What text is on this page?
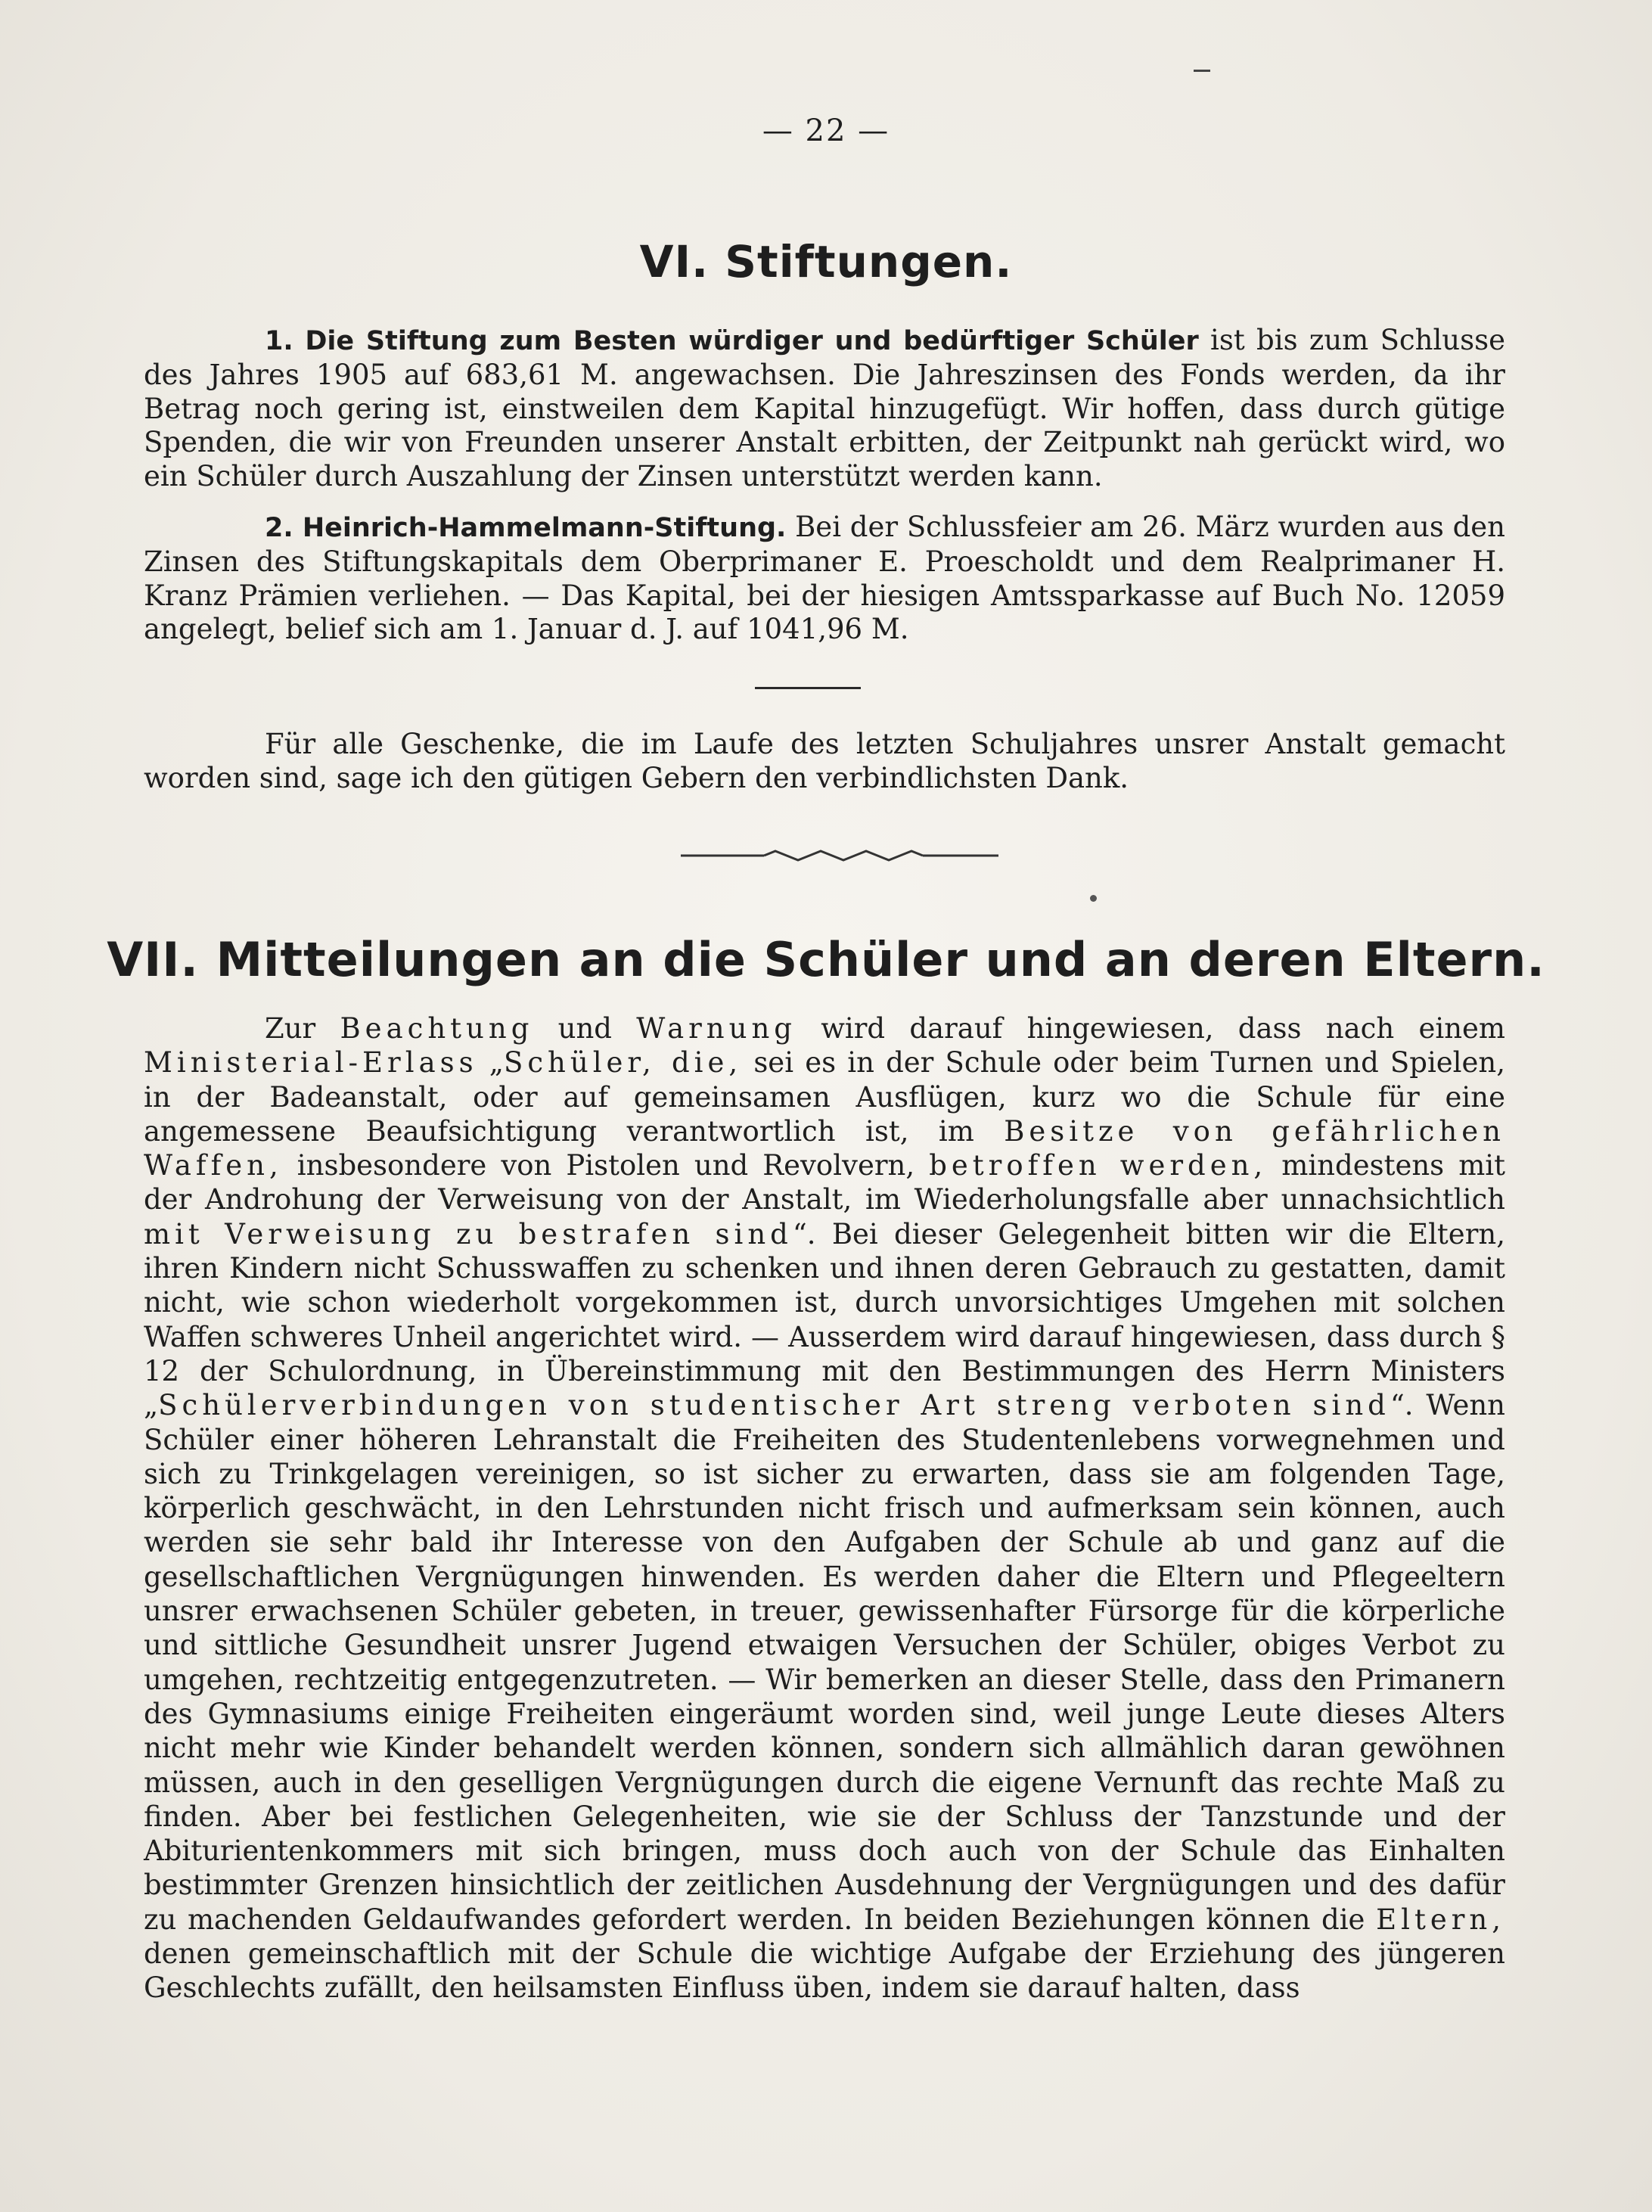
— 22 —
VI. Stiftungen.
1. Die Stiftung zum Besten würdiger und bedürftiger Schüler ist bis zum Schlusse des Jahres 1905 auf 683,61 M. angewachsen. Die Jahreszinsen des Fonds werden, da ihr Betrag noch gering ist, einstweilen dem Kapital hinzugefügt. Wir hoffen, dass durch gütige Spenden, die wir von Freunden unserer Anstalt erbitten, der Zeitpunkt nah gerückt wird, wo ein Schüler durch Auszahlung der Zinsen unterstützt werden kann.
2. Heinrich-Hammelmann-Stiftung. Bei der Schlussfeier am 26. März wurden aus den Zinsen des Stiftungskapitals dem Oberprimaner E. Proescholdt und dem Realprimaner H. Kranz Prämien verliehen. — Das Kapital, bei der hiesigen Amtssparkasse auf Buch No. 12059 angelegt, belief sich am 1. Januar d. J. auf 1041,96 M.
Für alle Geschenke, die im Laufe des letzten Schuljahres unsrer Anstalt gemacht worden sind, sage ich den gütigen Gebern den verbindlichsten Dank.
VII. Mitteilungen an die Schüler und an deren Eltern.
Zur Beachtung und Warnung wird darauf hingewiesen, dass nach einem Ministerial-Erlass „Schüler, die, sei es in der Schule oder beim Turnen und Spielen, in der Badeanstalt, oder auf gemeinsamen Ausflügen, kurz wo die Schule für eine angemessene Beaufsichtigung verantwortlich ist, im Besitze von gefährlichen Waffen, insbesondere von Pistolen und Revolvern, betroffen werden, mindestens mit der Androhung der Verweisung von der Anstalt, im Wiederholungsfalle aber unnachsichtlich mit Verweisung zu bestrafen sind“. Bei dieser Gelegenheit bitten wir die Eltern, ihren Kindern nicht Schusswaffen zu schenken und ihnen deren Gebrauch zu gestatten, damit nicht, wie schon wiederholt vorgekommen ist, durch unvorsichtiges Umgehen mit solchen Waffen schweres Unheil angerichtet wird. — Ausserdem wird darauf hingewiesen, dass durch § 12 der Schulordnung, in Übereinstimmung mit den Bestimmungen des Herrn Ministers „Schülerverbindungen von studentischer Art streng verboten sind“. Wenn Schüler einer höheren Lehranstalt die Freiheiten des Studentenlebens vorwegnehmen und sich zu Trinkgelagen vereinigen, so ist sicher zu erwarten, dass sie am folgenden Tage, körperlich geschwächt, in den Lehrstunden nicht frisch und aufmerksam sein können, auch werden sie sehr bald ihr Interesse von den Aufgaben der Schule ab und ganz auf die gesellschaftlichen Vergnügungen hinwenden. Es werden daher die Eltern und Pflegeeltern unsrer erwachsenen Schüler gebeten, in treuer, gewissenhafter Fürsorge für die körperliche und sittliche Gesundheit unsrer Jugend etwaigen Versuchen der Schüler, obiges Verbot zu umgehen, rechtzeitig entgegenzutreten. — Wir bemerken an dieser Stelle, dass den Primanern des Gymnasiums einige Freiheiten eingeräumt worden sind, weil junge Leute dieses Alters nicht mehr wie Kinder behandelt werden können, sondern sich allmählich daran gewöhnen müssen, auch in den geselligen Vergnügungen durch die eigene Vernunft das rechte Maß zu finden. Aber bei festlichen Gelegenheiten, wie sie der Schluss der Tanzstunde und der Abiturientenkommers mit sich bringen, muss doch auch von der Schule das Einhalten bestimmter Grenzen hinsichtlich der zeitlichen Ausdehnung der Vergnügungen und des dafür zu machenden Geldaufwandes gefordert werden. In beiden Beziehungen können die Eltern, denen gemeinschaftlich mit der Schule die wichtige Aufgabe der Erziehung des jüngeren Geschlechts zufällt, den heilsamsten Einfluss üben, indem sie darauf halten, dass
